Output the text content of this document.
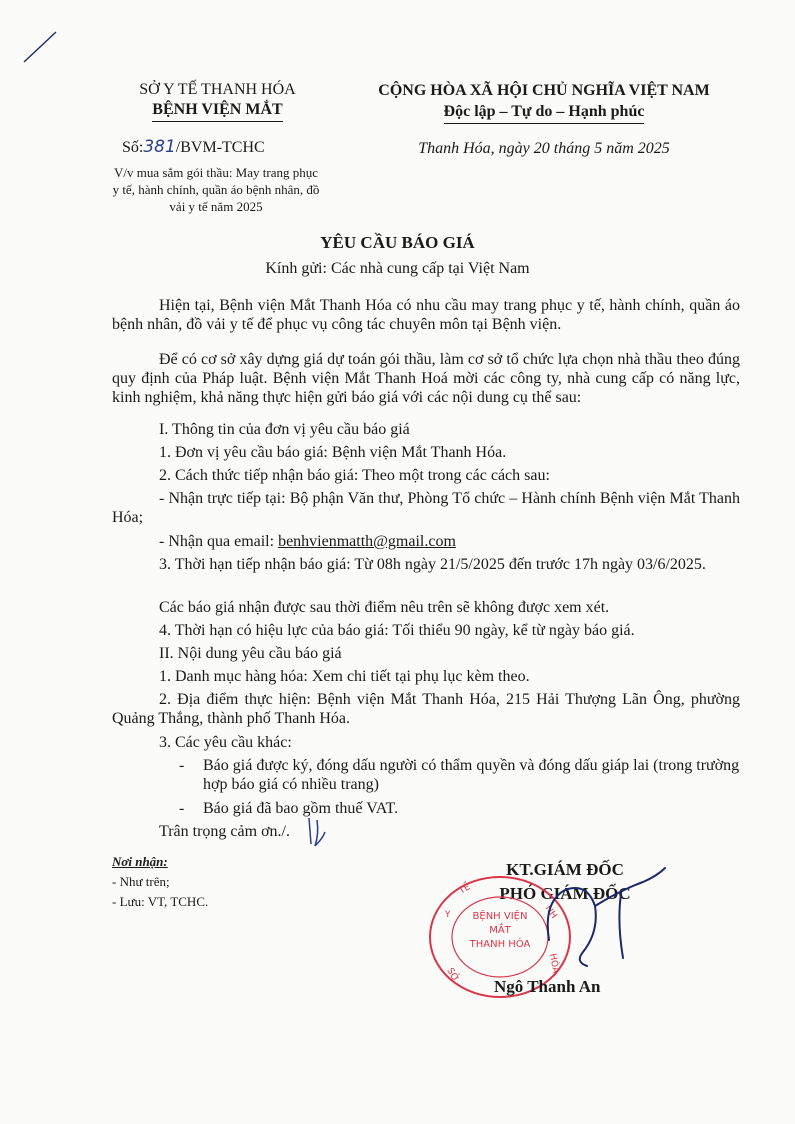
SỞ Y TẾ THANH HÓA
BỆNH VIỆN MẮT
Số:381/BVM-TCHC
V/v mua sắm gói thầu: May trang phục y tế, hành chính, quần áo bệnh nhân, đồ vải y tế năm 2025
CỘNG HÒA XÃ HỘI CHỦ NGHĨA VIỆT NAM
Độc lập – Tự do – Hạnh phúc
Thanh Hóa, ngày 20 tháng 5 năm 2025
YÊU CẦU BÁO GIÁ
Kính gửi: Các nhà cung cấp tại Việt Nam
Hiện tại, Bệnh viện Mắt Thanh Hóa có nhu cầu may trang phục y tế, hành chính, quần áo bệnh nhân, đồ vải y tế để phục vụ công tác chuyên môn tại Bệnh viện.
Để có cơ sở xây dựng giá dự toán gói thầu, làm cơ sở tổ chức lựa chọn nhà thầu theo đúng quy định của Pháp luật. Bệnh viện Mắt Thanh Hoá mời các công ty, nhà cung cấp có năng lực, kinh nghiệm, khả năng thực hiện gửi báo giá với các nội dung cụ thể sau:
I. Thông tin của đơn vị yêu cầu báo giá
1. Đơn vị yêu cầu báo giá: Bệnh viện Mắt Thanh Hóa.
2. Cách thức tiếp nhận báo giá: Theo một trong các cách sau:
- Nhận trực tiếp tại: Bộ phận Văn thư, Phòng Tổ chức – Hành chính Bệnh viện Mắt Thanh Hóa;
- Nhận qua email: benhvienmatth@gmail.com
3. Thời hạn tiếp nhận báo giá: Từ 08h ngày 21/5/2025 đến trước 17h ngày 03/6/2025.
Các báo giá nhận được sau thời điểm nêu trên sẽ không được xem xét.
4. Thời hạn có hiệu lực của báo giá: Tối thiểu 90 ngày, kể từ ngày báo giá.
II. Nội dung yêu cầu báo giá
1. Danh mục hàng hóa: Xem chi tiết tại phụ lục kèm theo.
2. Địa điểm thực hiện: Bệnh viện Mắt Thanh Hóa, 215 Hải Thượng Lãn Ông, phường Quảng Thắng, thành phố Thanh Hóa.
3. Các yêu cầu khác:
- Báo giá được ký, đóng dấu người có thẩm quyền và đóng dấu giáp lai (trong trường hợp báo giá có nhiều trang)
- Báo giá đã bao gồm thuế VAT.
Trân trọng cảm ơn./.
Nơi nhận:
- Như trên;
- Lưu: VT, TCHC.
KT.GIÁM ĐỐC
PHÓ GIÁM ĐỐC
TẾ
Y
SỞ
NH
HÓA
BỆNH VIỆN
MẮT
THANH HÓA
Ngô Thanh An
